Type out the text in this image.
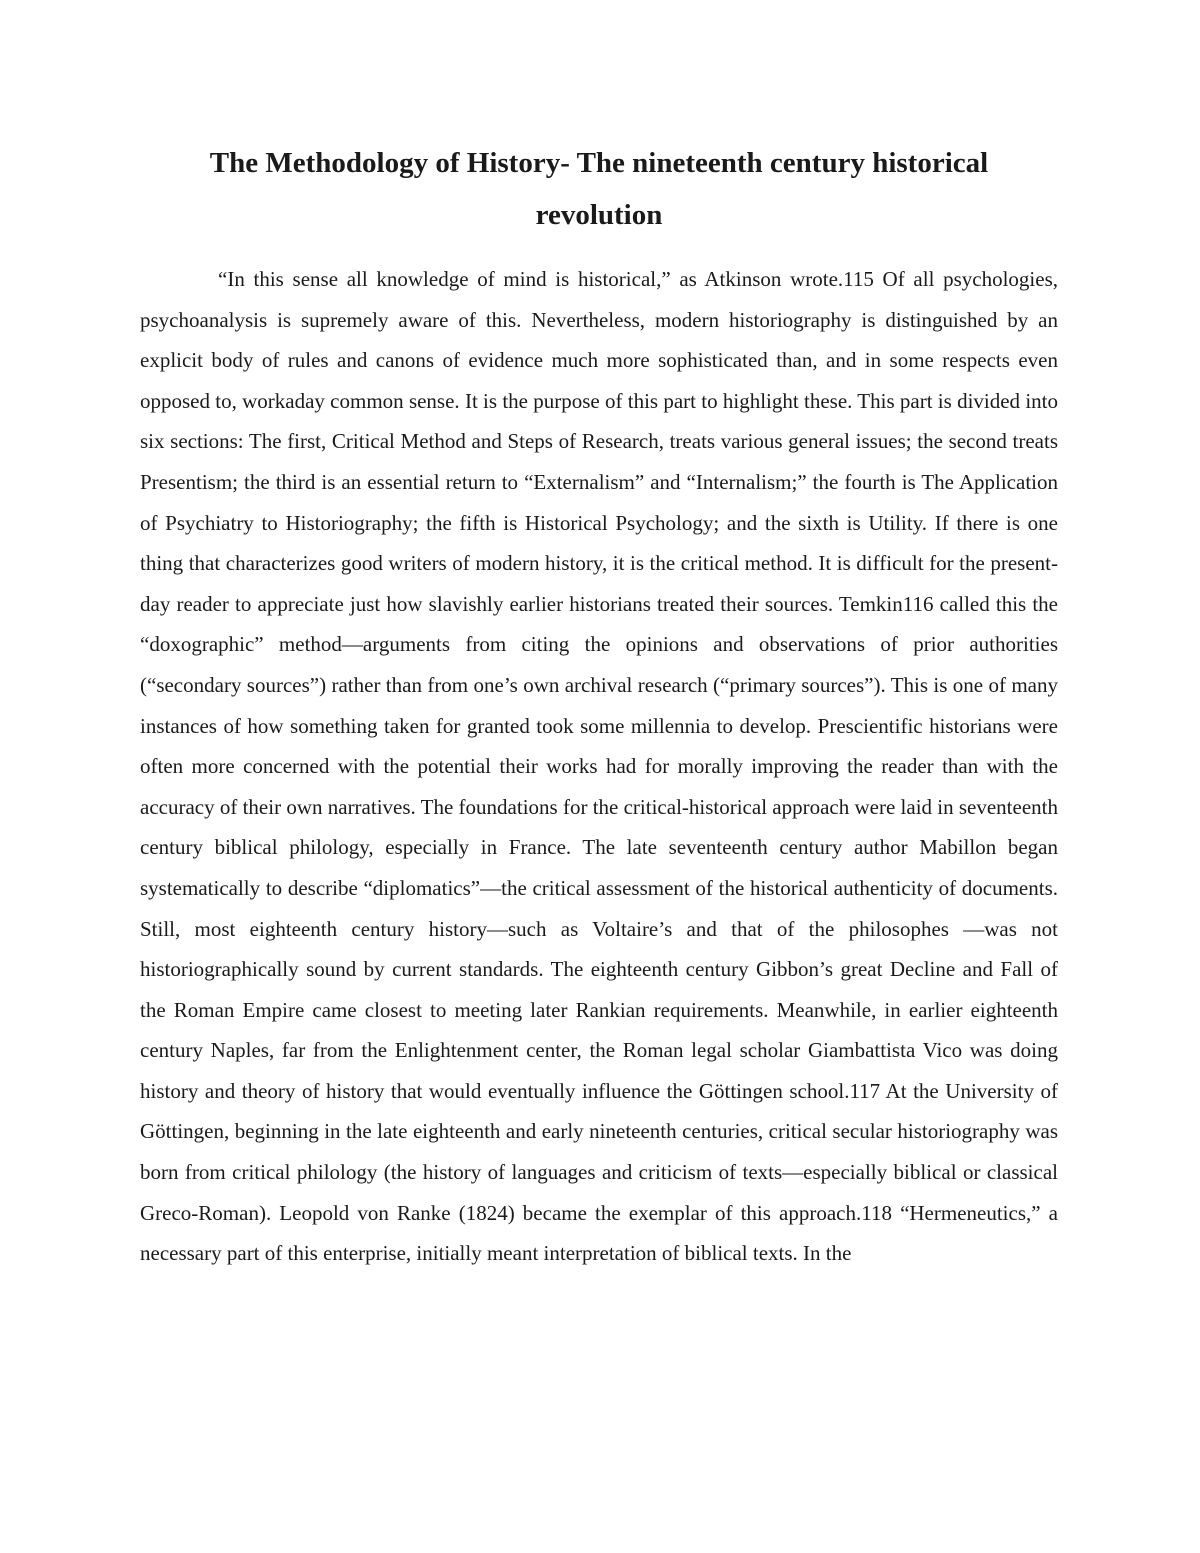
The Methodology of History- The nineteenth century historical
revolution

“In this sense all knowledge of mind is historical,” as Atkinson wrote.115 Of all psychologies, psychoanalysis is supremely aware of this. Nevertheless, modern historiography is distinguished by an explicit body of rules and canons of evidence much more sophisticated than, and in some respects even opposed to, workaday common sense. It is the purpose of this part to highlight these. This part is divided into six sections: The first, Critical Method and Steps of Research, treats various general issues; the second treats Presentism; the third is an essential return to “Externalism” and “Internalism;” the fourth is The Application of Psychiatry to Historiography; the fifth is Historical Psychology; and the sixth is Utility. If there is one thing that characterizes good writers of modern history, it is the critical method. It is difficult for the present-day reader to appreciate just how slavishly earlier historians treated their sources. Temkin116 called this the “doxographic” method—arguments from citing the opinions and observations of prior authorities (“secondary sources”) rather than from one’s own archival research (“primary sources”). This is one of many instances of how something taken for granted took some millennia to develop. Prescientific historians were often more concerned with the potential their works had for morally improving the reader than with the accuracy of their own narratives. The foundations for the critical-historical approach were laid in seventeenth century biblical philology, especially in France. The late seventeenth century author Mabillon began systematically to describe “diplomatics”—the critical assessment of the historical authenticity of documents. Still, most eighteenth century history—such as Voltaire’s and that of the philosophes —was not historiographically sound by current standards. The eighteenth century Gibbon’s great Decline and Fall of the Roman Empire came closest to meeting later Rankian requirements. Meanwhile, in earlier eighteenth century Naples, far from the Enlightenment center, the Roman legal scholar Giambattista Vico was doing history and theory of history that would eventually influence the Göttingen school.117 At the University of Göttingen, beginning in the late eighteenth and early nineteenth centuries, critical secular historiography was born from critical philology (the history of languages and criticism of texts—especially biblical or classical Greco-Roman). Leopold von Ranke (1824) became the exemplar of this approach.118 “Hermeneutics,” a necessary part of this enterprise, initially meant interpretation of biblical texts. In the
